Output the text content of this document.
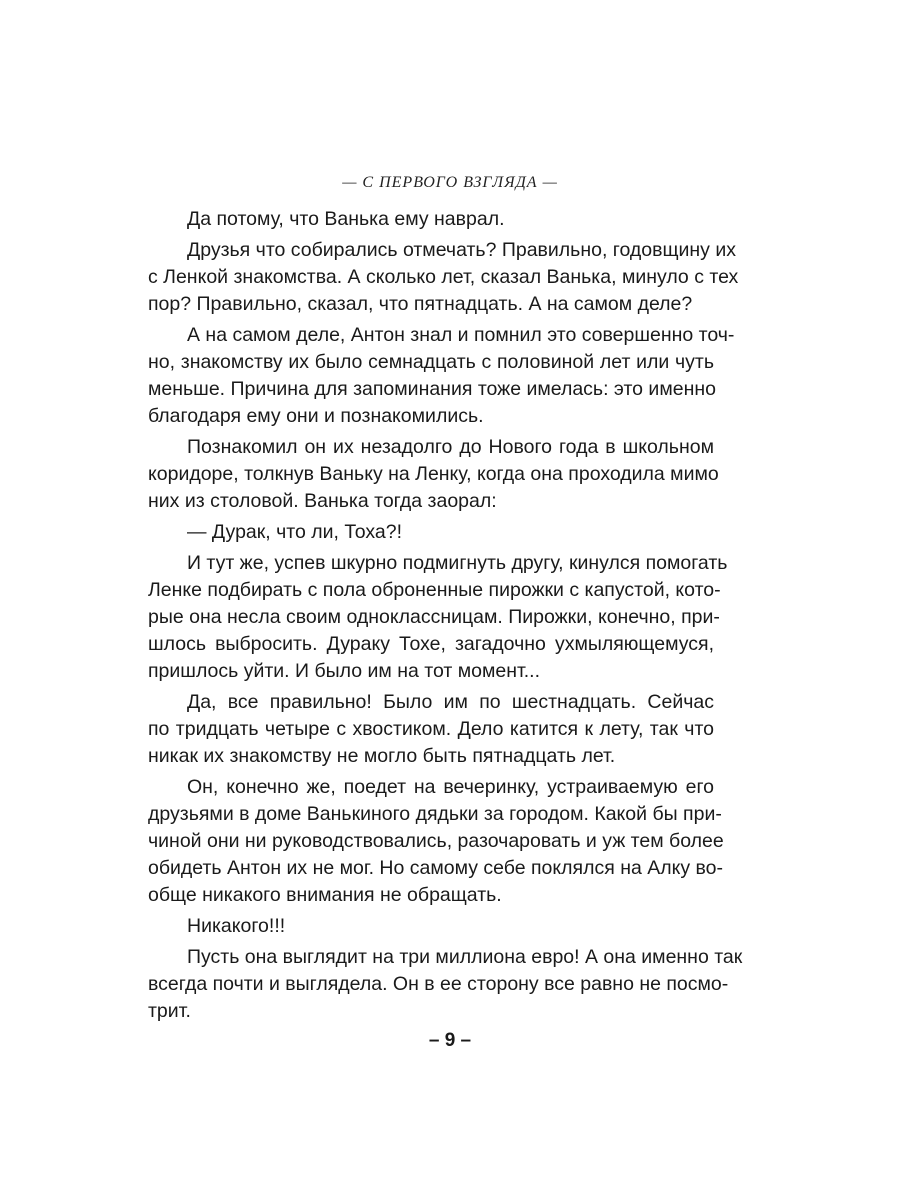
— С ПЕРВОГО ВЗГЛЯДА —
Да потому, что Ванька ему наврал.
Друзья что собирались отмечать? Правильно, годовщину их
с Ленкой знакомства. А сколько лет, сказал Ванька, минуло с тех
пор? Правильно, сказал, что пятнадцать. А на самом деле?
А на самом деле, Антон знал и помнил это совершенно точ-
но, знакомству их было семнадцать с половиной лет или чуть
меньше. Причина для запоминания тоже имелась: это именно
благодаря ему они и познакомились.
Познакомил он их незадолго до Нового года в школьном
коридоре, толкнув Ваньку на Ленку, когда она проходила мимо
них из столовой. Ванька тогда заорал:
— Дурак, что ли, Тоха?!
И тут же, успев шкурно подмигнуть другу, кинулся помогать
Ленке подбирать с пола оброненные пирожки с капустой, кото-
рые она несла своим одноклассницам. Пирожки, конечно, при-
шлось выбросить. Дураку Тохе, загадочно ухмыляющемуся,
пришлось уйти. И было им на тот момент...
Да, все правильно! Было им по шестнадцать. Сейчас
по тридцать четыре с хвостиком. Дело катится к лету, так что
никак их знакомству не могло быть пятнадцать лет.
Он, конечно же, поедет на вечеринку, устраиваемую его
друзьями в доме Ванькиного дядьки за городом. Какой бы при-
чиной они ни руководствовались, разочаровать и уж тем более
обидеть Антон их не мог. Но самому себе поклялся на Алку во-
обще никакого внимания не обращать.
Никакого!!!
Пусть она выглядит на три миллиона евро! А она именно так
всегда почти и выглядела. Он в ее сторону все равно не посмо-
трит.
– 9 –
